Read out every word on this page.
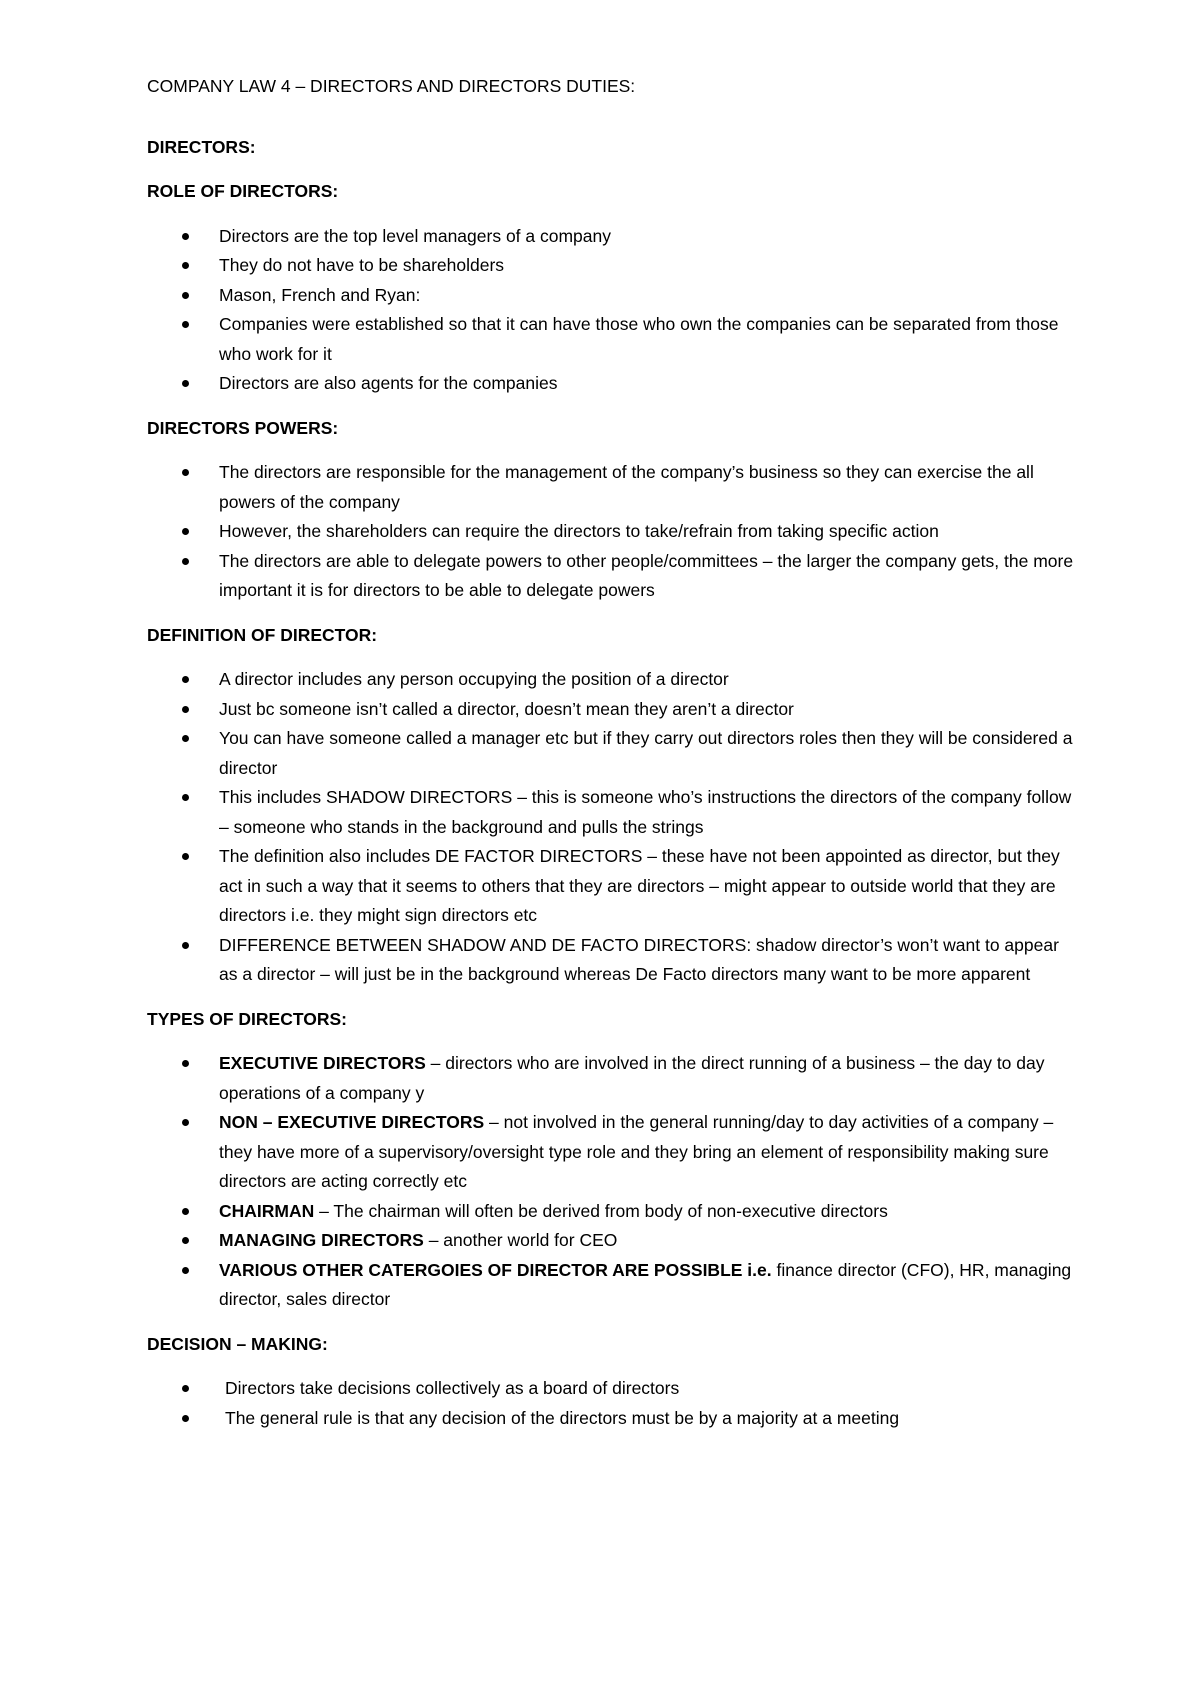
COMPANY LAW 4 – DIRECTORS AND DIRECTORS DUTIES:

DIRECTORS:

ROLE OF DIRECTORS:

Directors are the top level managers of a company
They do not have to be shareholders
Mason, French and Ryan:
Companies were established so that it can have those who own the companies can be separated from those who work for it
Directors are also agents for the companies

DIRECTORS POWERS:

The directors are responsible for the management of the company’s business so they can exercise the all powers of the company
However, the shareholders can require the directors to take/refrain from taking specific action
The directors are able to delegate powers to other people/committees – the larger the company gets, the more important it is for directors to be able to delegate powers

DEFINITION OF DIRECTOR:

A director includes any person occupying the position of a director
Just bc someone isn’t called a director, doesn’t mean they aren’t a director
You can have someone called a manager etc but if they carry out directors roles then they will be considered a director
This includes SHADOW DIRECTORS – this is someone who’s instructions the directors of the company follow – someone who stands in the background and pulls the strings
The definition also includes DE FACTOR DIRECTORS – these have not been appointed as director, but they act in such a way that it seems to others that they are directors – might appear to outside world that they are directors i.e. they might sign directors etc
DIFFERENCE BETWEEN SHADOW AND DE FACTO DIRECTORS: shadow director’s won’t want to appear as a director – will just be in the background whereas De Facto directors many want to be more apparent

TYPES OF DIRECTORS:

EXECUTIVE DIRECTORS – directors who are involved in the direct running of a business – the day to day operations of a company y
NON – EXECUTIVE DIRECTORS – not involved in the general running/day to day activities of a company – they have more of a supervisory/oversight type role and they bring an element of responsibility making sure directors are acting correctly etc
CHAIRMAN – The chairman will often be derived from body of non-executive directors
MANAGING DIRECTORS – another world for CEO
VARIOUS OTHER CATERGOIES OF DIRECTOR ARE POSSIBLE i.e. finance director (CFO), HR, managing director, sales director

DECISION – MAKING:

Directors take decisions collectively as a board of directors
The general rule is that any decision of the directors must be by a majority at a meeting
